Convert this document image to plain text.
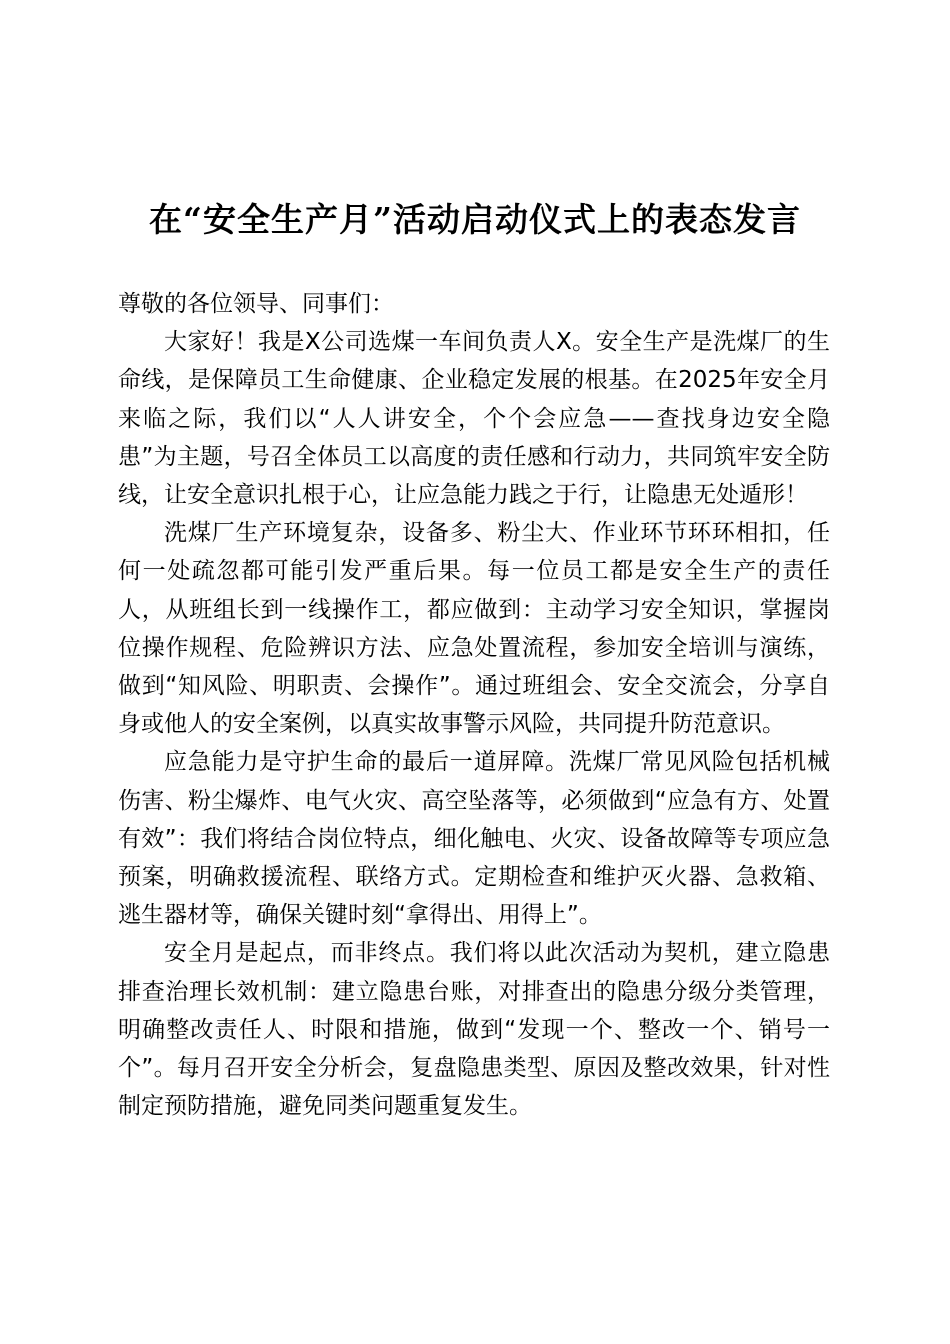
在“安全生产月”活动启动仪式上的表态发言

尊敬的各位领导、同事们：

大家好！我是X公司选煤一车间负责人X。安全生产是洗煤厂的生命线，是保障员工生命健康、企业稳定发展的根基。在2025年安全月来临之际，我们以“人人讲安全，个个会应急——查找身边安全隐患”为主题，号召全体员工以高度的责任感和行动力，共同筑牢安全防线，让安全意识扎根于心，让应急能力践之于行，让隐患无处遁形！

洗煤厂生产环境复杂，设备多、粉尘大、作业环节环环相扣，任何一处疏忽都可能引发严重后果。每一位员工都是安全生产的责任人，从班组长到一线操作工，都应做到：主动学习安全知识，掌握岗位操作规程、危险辨识方法、应急处置流程，参加安全培训与演练，做到“知风险、明职责、会操作”。通过班组会、安全交流会，分享自身或他人的安全案例，以真实故事警示风险，共同提升防范意识。

应急能力是守护生命的最后一道屏障。洗煤厂常见风险包括机械伤害、粉尘爆炸、电气火灾、高空坠落等，必须做到“应急有方、处置有效”：我们将结合岗位特点，细化触电、火灾、设备故障等专项应急预案，明确救援流程、联络方式。定期检查和维护灭火器、急救箱、逃生器材等，确保关键时刻“拿得出、用得上”。

安全月是起点，而非终点。我们将以此次活动为契机，建立隐患排查治理长效机制：建立隐患台账，对排查出的隐患分级分类管理，明确整改责任人、时限和措施，做到“发现一个、整改一个、销号一个”。每月召开安全分析会，复盘隐患类型、原因及整改效果，针对性制定预防措施，避免同类问题重复发生。
